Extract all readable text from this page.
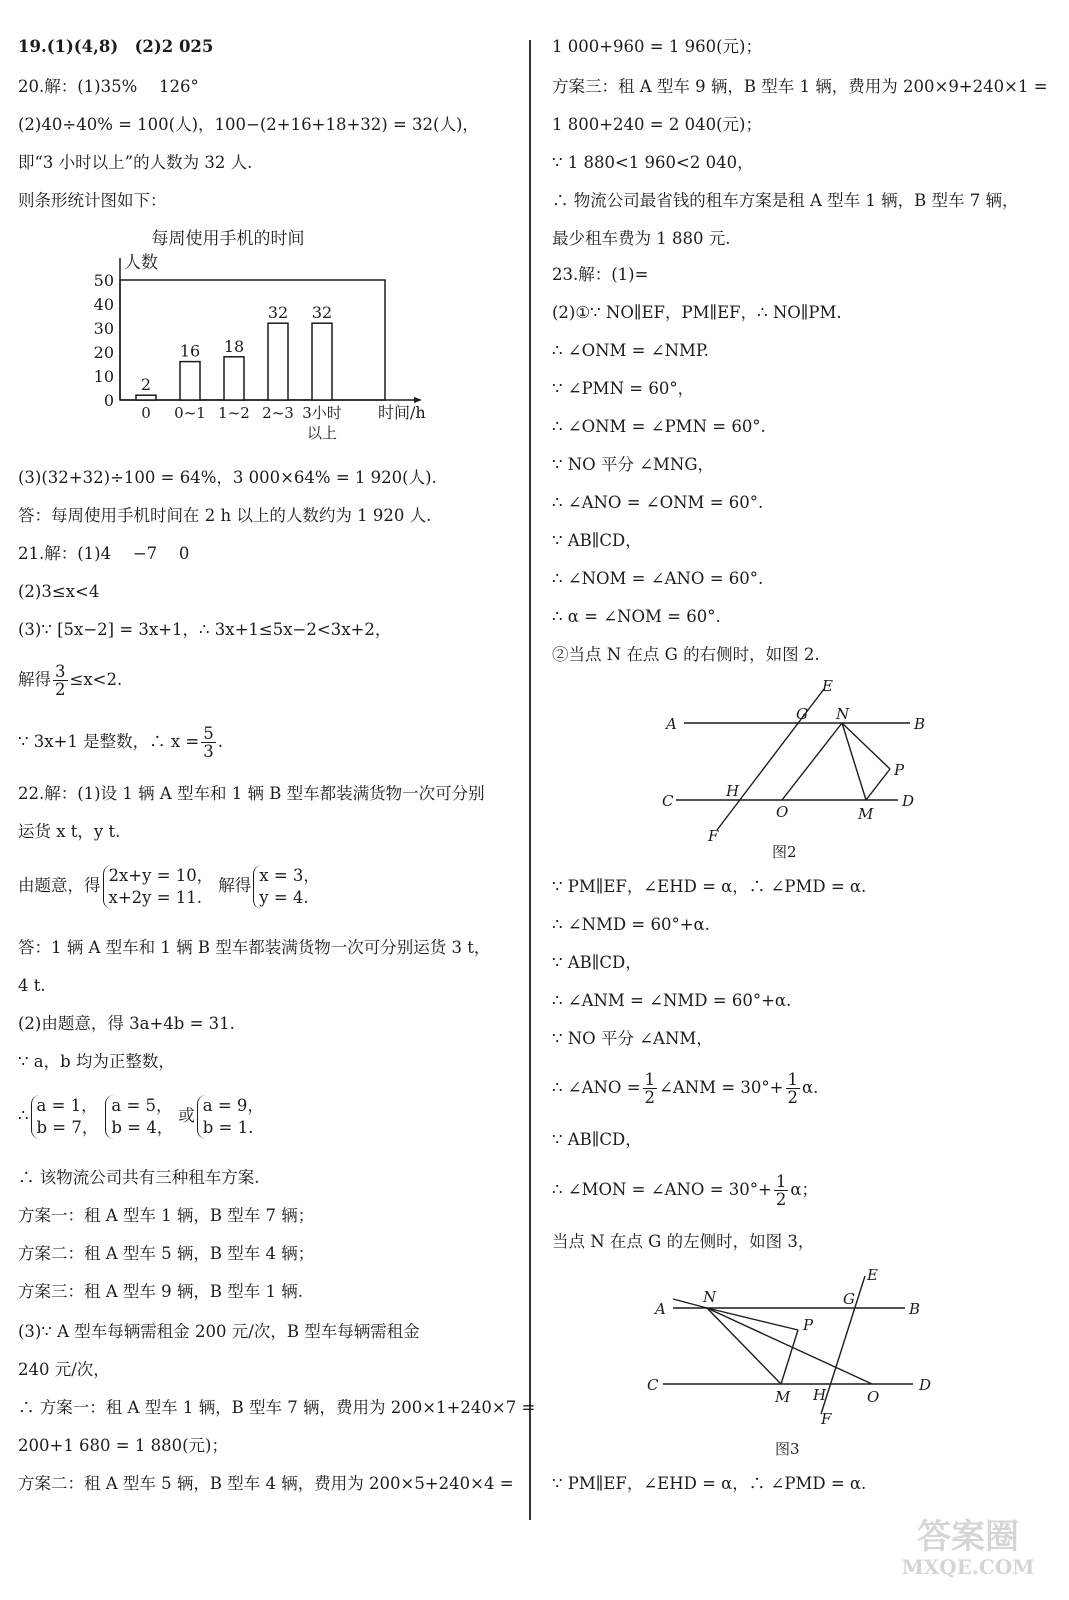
19.(1)(4,8)　(2)2 025
20.解：(1)35%　 126°
(2)40÷40% = 100(人)，100−(2+16+18+32) = 32(人)，
即“3 小时以上”的人数为 32 人.
则条形统计图如下：
每周使用手机的时间
人数
时间/h
0
10
20
30
40
50
2
0
16
0~1
18
1~2
32
2~3
32
3小时
以上
(3)(32+32)÷100 = 64%，3 000×64% = 1 920(人).
答：每周使用手机时间在 2 h 以上的人数约为 1 920 人.
21.解：(1)4　 −7　 0
(2)3≤x<4
(3)∵ [5x−2] = 3x+1，∴ 3x+1≤5x−2<3x+2，
解得 $\frac{3}{2} \le x<2$.
∵ 3x+1 是整数，∴ $x = \frac{5}{3}$ .
22.解：(1)设 1 辆 A 型车和 1 辆 B 型车都装满货物一次可分别
运货 x t，y t.
由题意，得
2x+y = 10，
x+2y = 11.
解得
x = 3，
y = 4.
答：1 辆 A 型车和 1 辆 B 型车都装满货物一次可分别运货 3 t，
4 t.
(2)由题意，得 3a+4b = 31.
∵ a，b 均为正整数，
∴
a = 1，
b = 7，
a = 5，
b = 4，
或
a = 9，
b = 1.
∴ 该物流公司共有三种租车方案.
方案一：租 A 型车 1 辆，B 型车 7 辆；
方案二：租 A 型车 5 辆，B 型车 4 辆；
方案三：租 A 型车 9 辆，B 型车 1 辆.
(3)∵ A 型车每辆需租金 200 元/次，B 型车每辆需租金
240 元/次，
∴ 方案一：租 A 型车 1 辆，B 型车 7 辆，费用为 200×1+240×7 =
200+1 680 = 1 880(元)；
方案二：租 A 型车 5 辆，B 型车 4 辆，费用为 200×5+240×4 =
1 000+960 = 1 960(元)；
方案三：租 A 型车 9 辆，B 型车 1 辆，费用为 200×9+240×1 =
1 800+240 = 2 040(元)；
∵ 1 880<1 960<2 040，
∴ 物流公司最省钱的租车方案是租 A 型车 1 辆，B 型车 7 辆，
最少租车费为 1 880 元.
23.解：(1)=
(2)①∵ NO∥EF，PM∥EF，∴ NO∥PM.
∴ ∠ONM = ∠NMP.
∵ ∠PMN = 60°，
∴ ∠ONM = ∠PMN = 60°.
∵ NO 平分 ∠MNG，
∴ ∠ANO = ∠ONM = 60°.
∵ AB∥CD，
∴ ∠NOM = ∠ANO = 60°.
∴ α = ∠NOM = 60°.
②当点 N 在点 G 的右侧时，如图 2.
A	B
C	D
E
F
G
H
N
O	M
P
图2
∵ PM∥EF，∠EHD = α，∴ ∠PMD = α.
∴ ∠NMD = 60°+α.
∵ AB∥CD，
∴ ∠ANM = ∠NMD = 60°+α.
∵ NO 平分 ∠ANM，
∴ ∠ANO = $\frac{1}{2}$ ∠ANM = $30^\circ+ \frac{1}{2} \alpha$.
∵ AB∥CD，
∴ ∠MON = ∠ANO = $30^\circ+ \frac{1}{2}$ α；
当点 N 在点 G 的左侧时，如图 3，
A	B
C	D
E
F
G
H
N
O
M
P
图3
∵ PM∥EF，∠EHD = α，∴ ∠PMD = α.
答案圈
MXQE.COM
